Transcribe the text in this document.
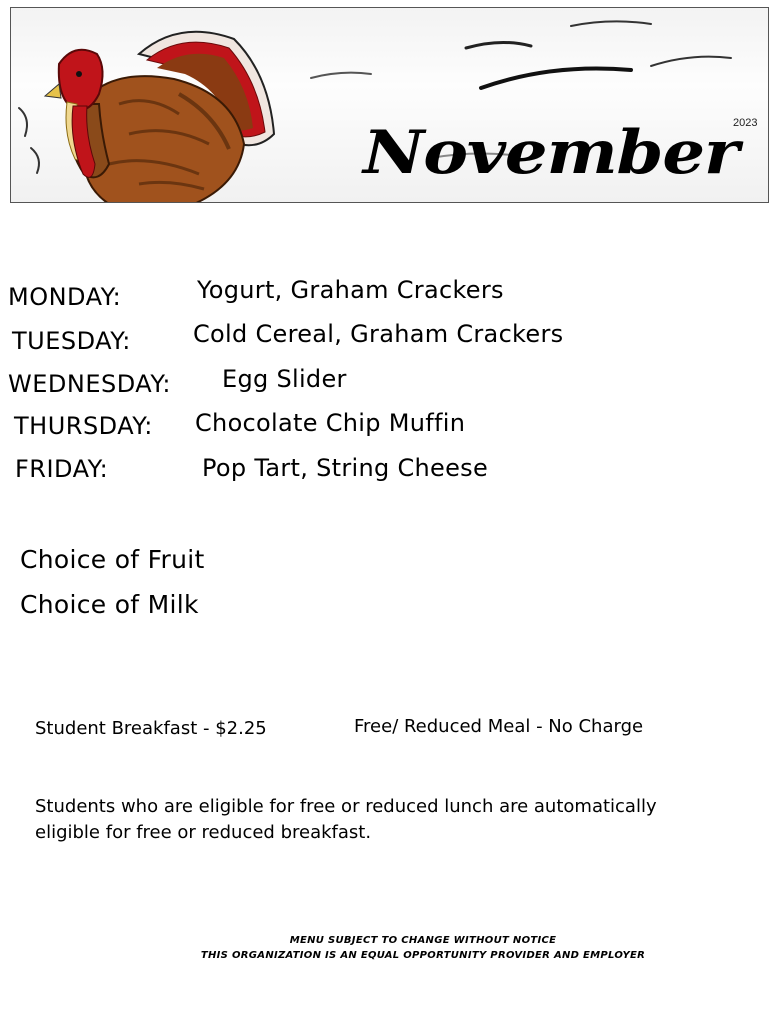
2023
November
MONDAY:	Yogurt, Graham Crackers
TUESDAY:	Cold Cereal, Graham Crackers
WEDNESDAY: Egg Slider
THURSDAY: Chocolate Chip Muffin
FRIDAY:	Pop Tart, String Cheese
Choice of Fruit
Choice of Milk
Student Breakfast - $2.25	Free/ Reduced Meal - No Charge
Students who are eligible for free or reduced lunch are automatically eligible for free or reduced breakfast.
MENU SUBJECT TO CHANGE WITHOUT NOTICE
THIS ORGANIZATION IS AN EQUAL OPPORTUNITY PROVIDER AND EMPLOYER
